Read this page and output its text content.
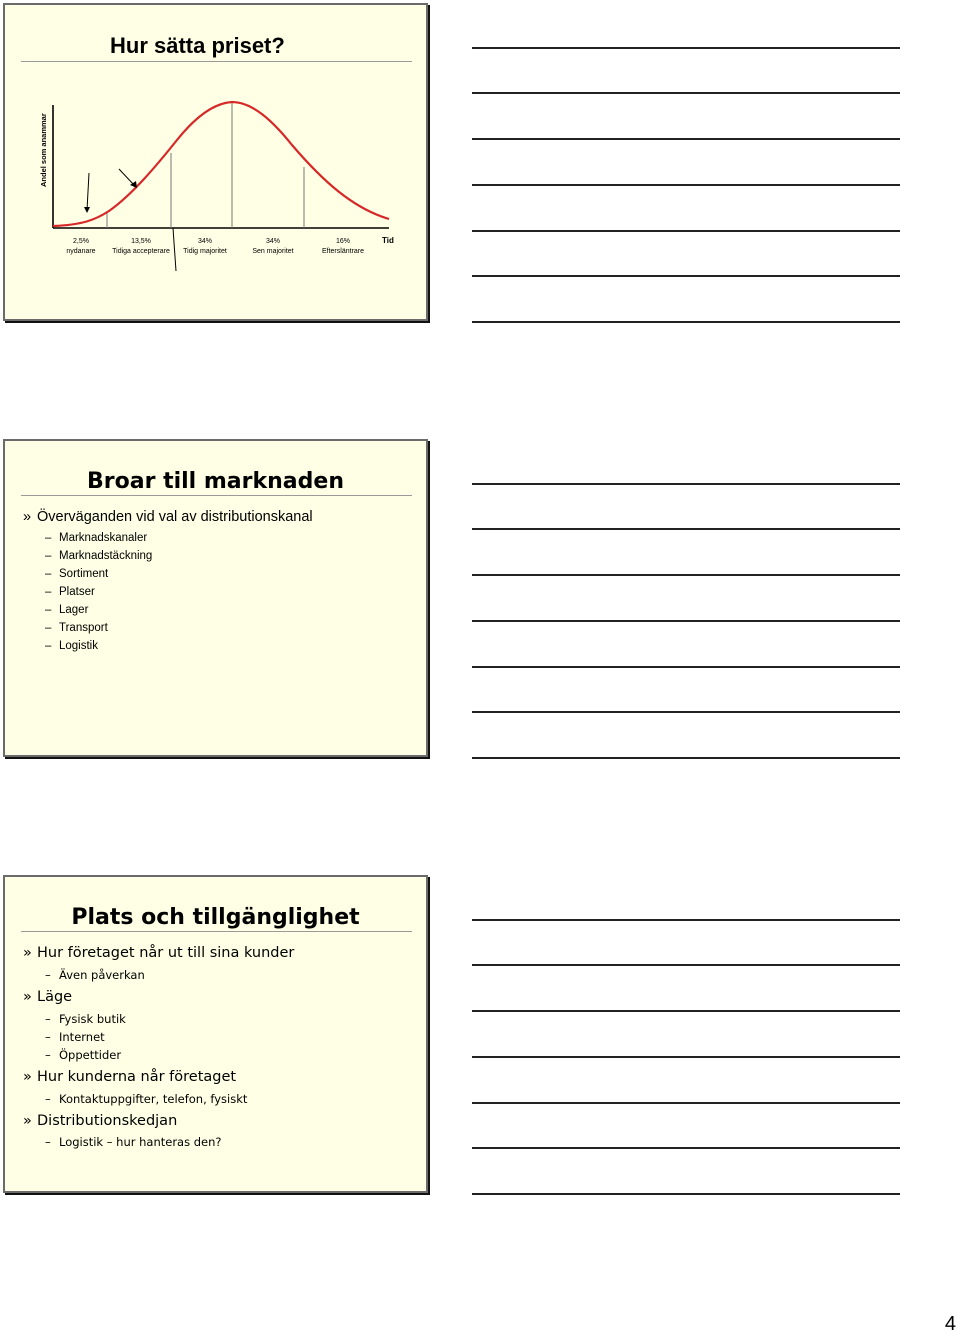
Hur sätta priset?
Andel som anammar
Tid
2,5%
nydanare
13,5%
Tidiga accepterare
34%
Tidig majoritet
34%
Sen majoritet
16%
Eftersläntrare
Broar till marknaden
» Överväganden vid val av distributionskanal
– Marknadskanaler
– Marknadstäckning
– Sortiment
– Platser
– Lager
– Transport
– Logistik
Plats och tillgänglighet
» Hur företaget når ut till sina kunder
– Även påverkan
» Läge
– Fysisk butik
– Internet
– Öppettider
» Hur kunderna når företaget
– Kontaktuppgifter, telefon, fysiskt
» Distributionskedjan
– Logistik – hur hanteras den?
4
